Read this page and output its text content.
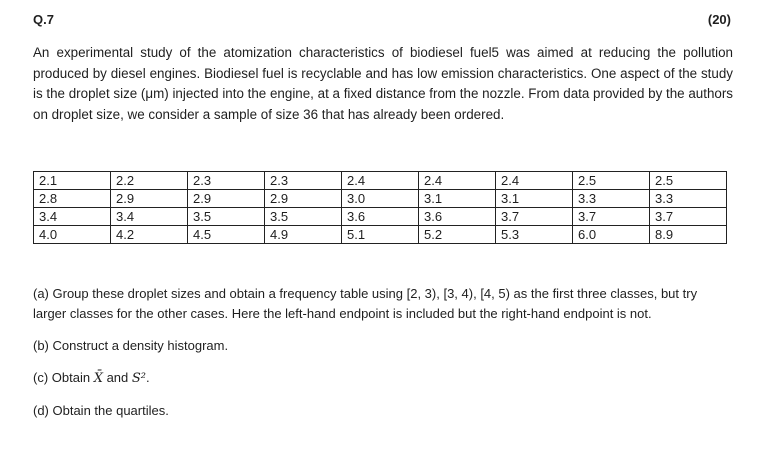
Q.7	(20)

An experimental study of the atomization characteristics of biodiesel fuel5 was aimed at reducing the pollution produced by diesel engines. Biodiesel fuel is recyclable and has low emission characteristics. One aspect of the study is the droplet size (μm) injected into the engine, at a fixed distance from the nozzle. From data provided by the authors on droplet size, we consider a sample of size 36 that has already been ordered.

2.1	2.2	2.3	2.3	2.4	2.4	2.4	2.5	2.5
2.8	2.9	2.9	2.9	3.0	3.1	3.1	3.3	3.3
3.4	3.4	3.5	3.5	3.6	3.6	3.7	3.7	3.7
4.0	4.2	4.5	4.9	5.1	5.2	5.3	6.0	8.9

(a) Group these droplet sizes and obtain a frequency table using [2, 3), [3, 4), [4, 5) as the first three classes, but try larger classes for the other cases. Here the left-hand endpoint is included but the right-hand endpoint is not.

(b) Construct a density histogram.

(c) Obtain X̄ and S².

(d) Obtain the quartiles.
